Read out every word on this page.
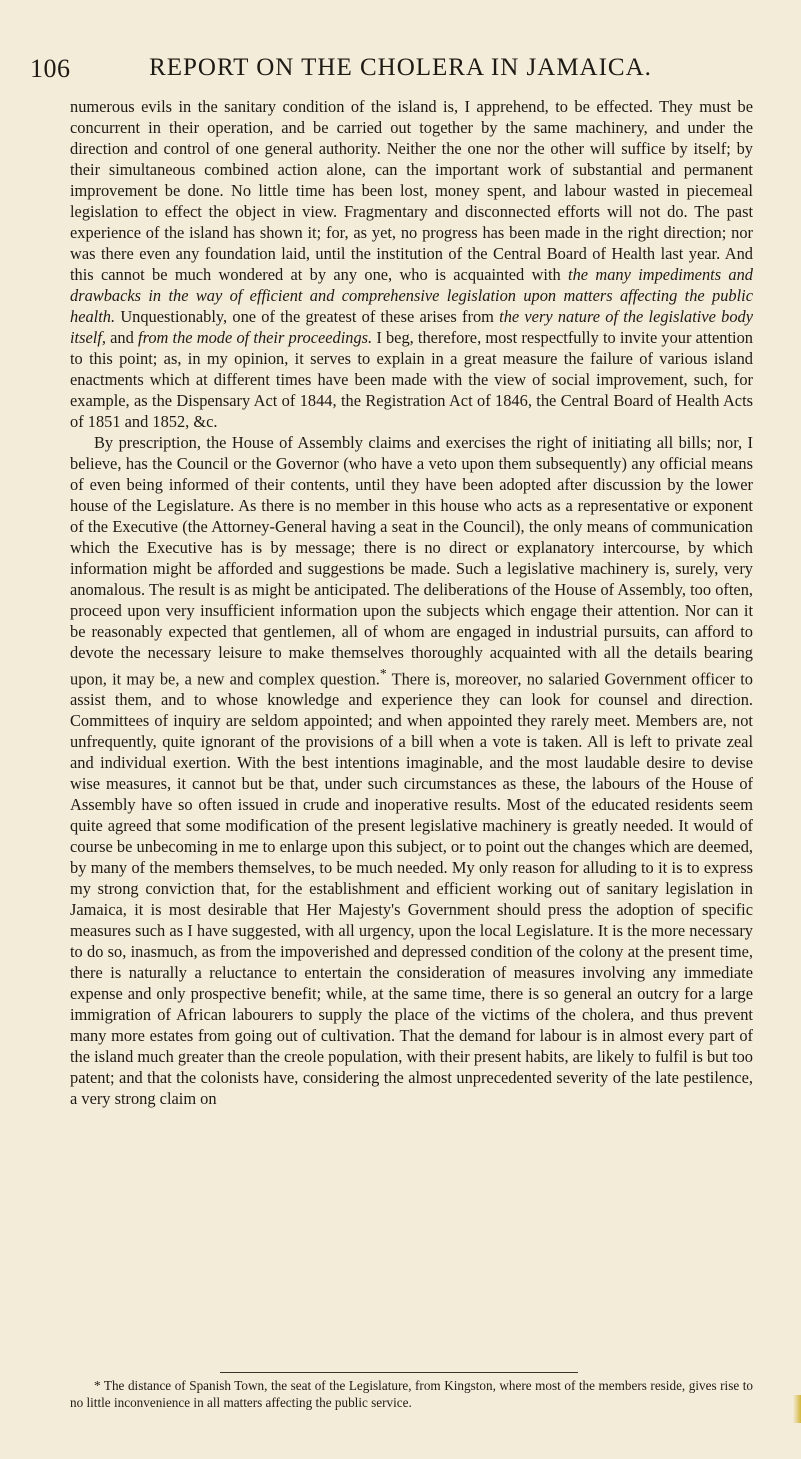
106	REPORT ON THE CHOLERA IN JAMAICA.

numerous evils in the sanitary condition of the island is, I apprehend, to be effected. They must be concurrent in their operation, and be carried out together by the same machinery, and under the direction and control of one general authority. Neither the one nor the other will suffice by itself; by their simultaneous combined action alone, can the important work of substantial and permanent improvement be done. No little time has been lost, money spent, and labour wasted in piecemeal legislation to effect the object in view. Fragmentary and disconnected efforts will not do. The past experience of the island has shown it; for, as yet, no progress has been made in the right direction; nor was there even any foundation laid, until the institution of the Central Board of Health last year. And this cannot be much wondered at by any one, who is acquainted with the many impediments and drawbacks in the way of efficient and comprehensive legislation upon matters affecting the public health. Unquestionably, one of the greatest of these arises from the very nature of the legislative body itself, and from the mode of their proceedings. I beg, therefore, most respectfully to invite your attention to this point; as, in my opinion, it serves to explain in a great measure the failure of various island enactments which at different times have been made with the view of social improvement, such, for example, as the Dispensary Act of 1844, the Registration Act of 1846, the Central Board of Health Acts of 1851 and 1852, &c.

By prescription, the House of Assembly claims and exercises the right of initiating all bills; nor, I believe, has the Council or the Governor (who have a veto upon them subsequently) any official means of even being informed of their contents, until they have been adopted after discussion by the lower house of the Legislature. As there is no member in this house who acts as a representative or exponent of the Executive (the Attorney-General having a seat in the Council), the only means of communication which the Executive has is by message; there is no direct or explanatory intercourse, by which information might be afforded and suggestions be made. Such a legislative machinery is, surely, very anomalous. The result is as might be anticipated. The deliberations of the House of Assembly, too often, proceed upon very insufficient information upon the subjects which engage their attention. Nor can it be reasonably expected that gentlemen, all of whom are engaged in industrial pursuits, can afford to devote the necessary leisure to make themselves thoroughly acquainted with all the details bearing upon, it may be, a new and complex question.* There is, moreover, no salaried Government officer to assist them, and to whose knowledge and experience they can look for counsel and direction. Committees of inquiry are seldom appointed; and when appointed they rarely meet. Members are, not unfrequently, quite ignorant of the provisions of a bill when a vote is taken. All is left to private zeal and individual exertion. With the best intentions imaginable, and the most laudable desire to devise wise measures, it cannot but be that, under such circumstances as these, the labours of the House of Assembly have so often issued in crude and inoperative results. Most of the educated residents seem quite agreed that some modification of the present legislative machinery is greatly needed. It would of course be unbecoming in me to enlarge upon this subject, or to point out the changes which are deemed, by many of the members themselves, to be much needed. My only reason for alluding to it is to express my strong conviction that, for the establishment and efficient working out of sanitary legislation in Jamaica, it is most desirable that Her Majesty's Government should press the adoption of specific measures such as I have suggested, with all urgency, upon the local Legislature. It is the more necessary to do so, inasmuch, as from the impoverished and depressed condition of the colony at the present time, there is naturally a reluctance to entertain the consideration of measures involving any immediate expense and only prospective benefit; while, at the same time, there is so general an outcry for a large immigration of African labourers to supply the place of the victims of the cholera, and thus prevent many more estates from going out of cultivation. That the demand for labour is in almost every part of the island much greater than the creole population, with their present habits, are likely to fulfil is but too patent; and that the colonists have, considering the almost unprecedented severity of the late pestilence, a very strong claim on

* The distance of Spanish Town, the seat of the Legislature, from Kingston, where most of the members reside, gives rise to no little inconvenience in all matters affecting the public service.
